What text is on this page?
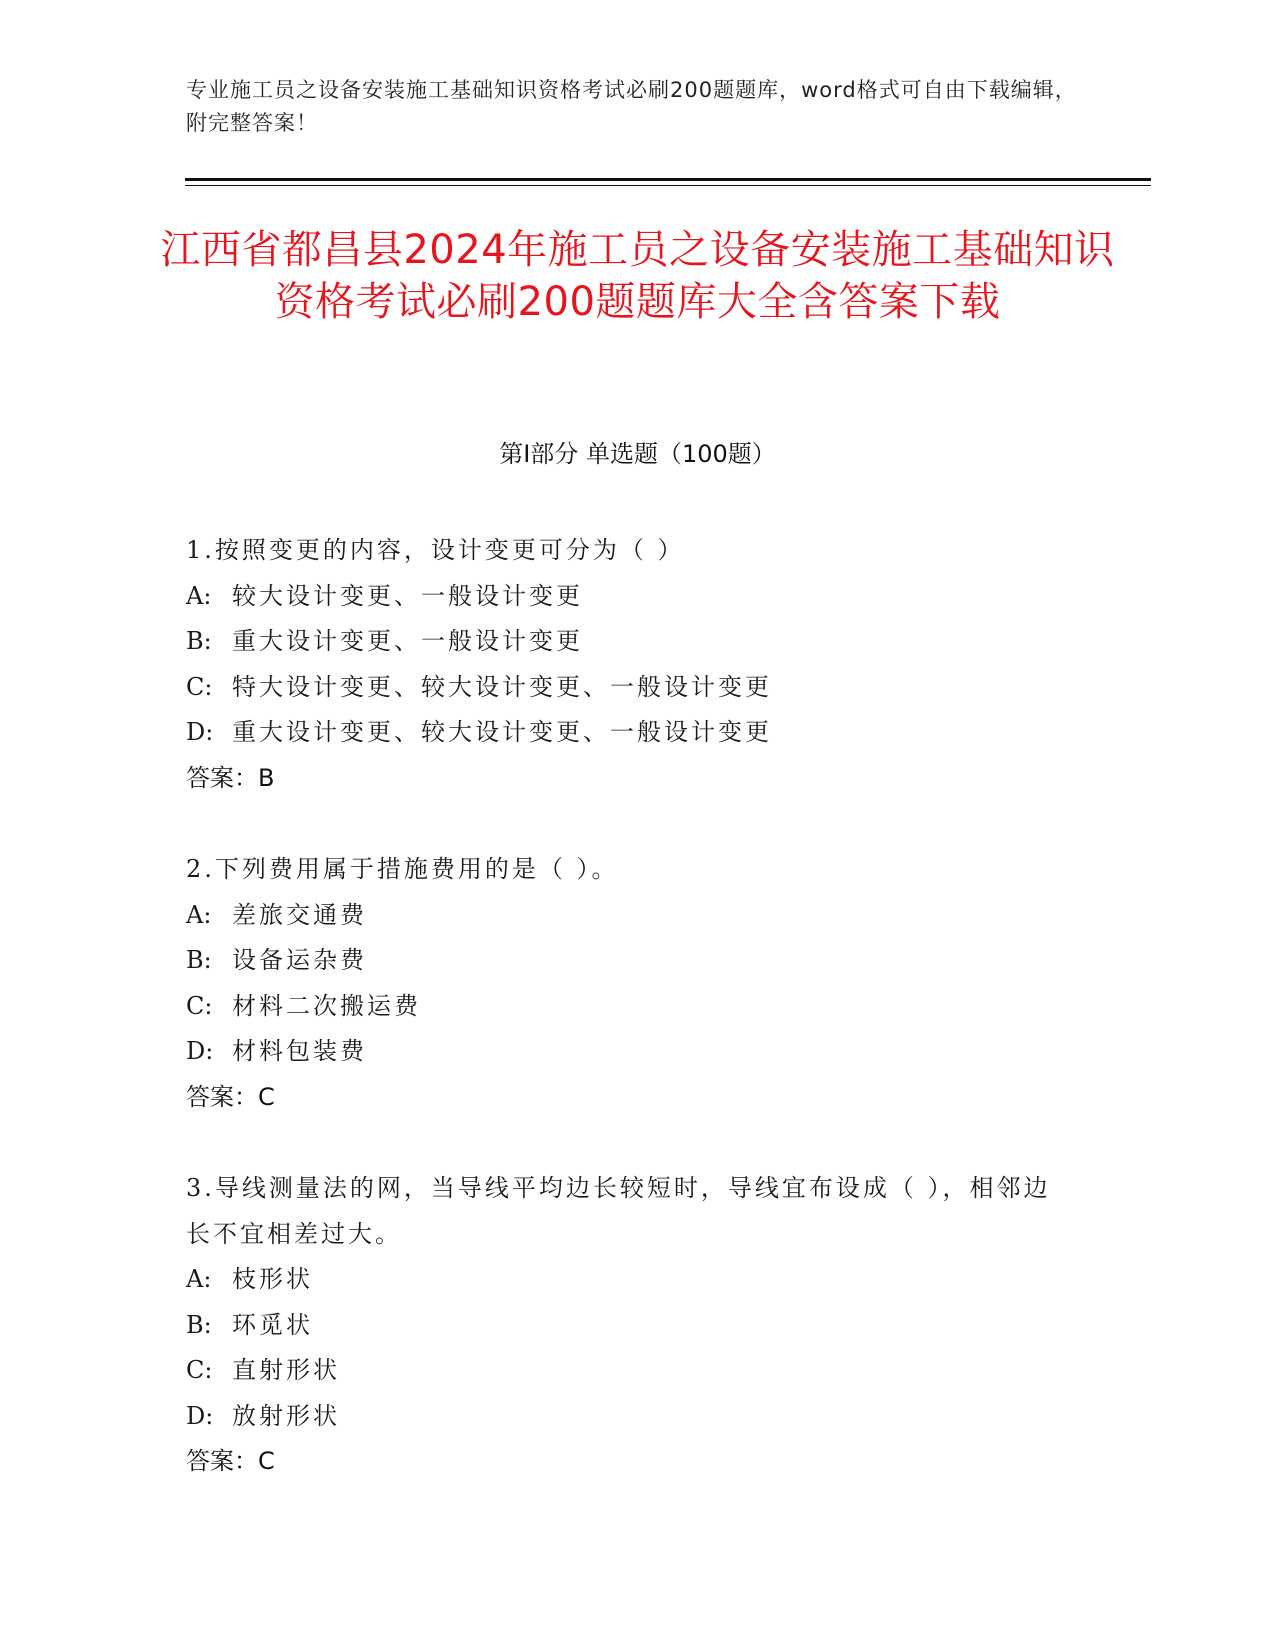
专业施工员之设备安装施工基础知识资格考试必刷200题题库，word格式可自由下载编辑，附完整答案！
江西省都昌县2024年施工员之设备安装施工基础知识资格考试必刷200题题库大全含答案下载
第I部分 单选题（100题）
1.按照变更的内容，设计变更可分为（ ）
A: 较大设计变更、一般设计变更
B: 重大设计变更、一般设计变更
C: 特大设计变更、较大设计变更、一般设计变更
D: 重大设计变更、较大设计变更、一般设计变更
答案：B
2.下列费用属于措施费用的是（ ）。
A: 差旅交通费
B: 设备运杂费
C: 材料二次搬运费
D: 材料包装费
答案：C
3.导线测量法的网，当导线平均边长较短时，导线宜布设成（ ），相邻边长不宜相差过大。
A: 枝形状
B: 环觅状
C: 直射形状
D: 放射形状
答案：C
